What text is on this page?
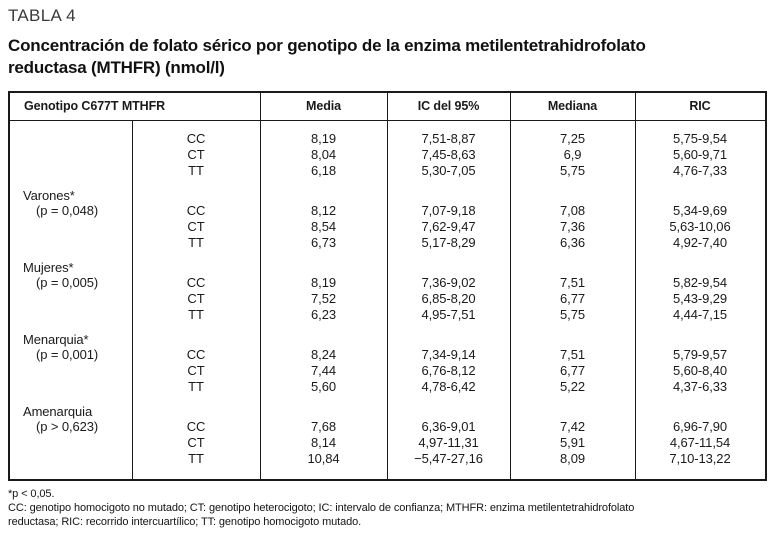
TABLA 4
Concentración de folato sérico por genotipo de la enzima metilentetrahidrofolato
reductasa (MTHFR) (nmol/l)
Genotipo C677T MTHFR	Media	IC del 95%	Mediana	RIC
CC	8,19	7,51-8,87	7,25	5,75-9,54
CT	8,04	7,45-8,63	6,9	5,60-9,71
TT	6,18	5,30-7,05	5,75	4,76-7,33
Varones*
(p = 0,048)	CC	8,12	7,07-9,18	7,08	5,34-9,69
CT	8,54	7,62-9,47	7,36	5,63-10,06
TT	6,73	5,17-8,29	6,36	4,92-7,40
Mujeres*
(p = 0,005)	CC	8,19	7,36-9,02	7,51	5,82-9,54
CT	7,52	6,85-8,20	6,77	5,43-9,29
TT	6,23	4,95-7,51	5,75	4,44-7,15
Menarquia*
(p = 0,001)	CC	8,24	7,34-9,14	7,51	5,79-9,57
CT	7,44	6,76-8,12	6,77	5,60-8,40
TT	5,60	4,78-6,42	5,22	4,37-6,33
Amenarquia
(p > 0,623)	CC	7,68	6,36-9,01	7,42	6,96-7,90
CT	8,14	4,97-11,31	5,91	4,67-11,54
TT	10,84	−5,47-27,16	8,09	7,10-13,22
*p < 0,05.
CC: genotipo homocigoto no mutado; CT: genotipo heterocigoto; IC: intervalo de confianza; MTHFR: enzima metilentetrahidrofolato
reductasa; RIC: recorrido intercuartílico; TT: genotipo homocigoto mutado.
